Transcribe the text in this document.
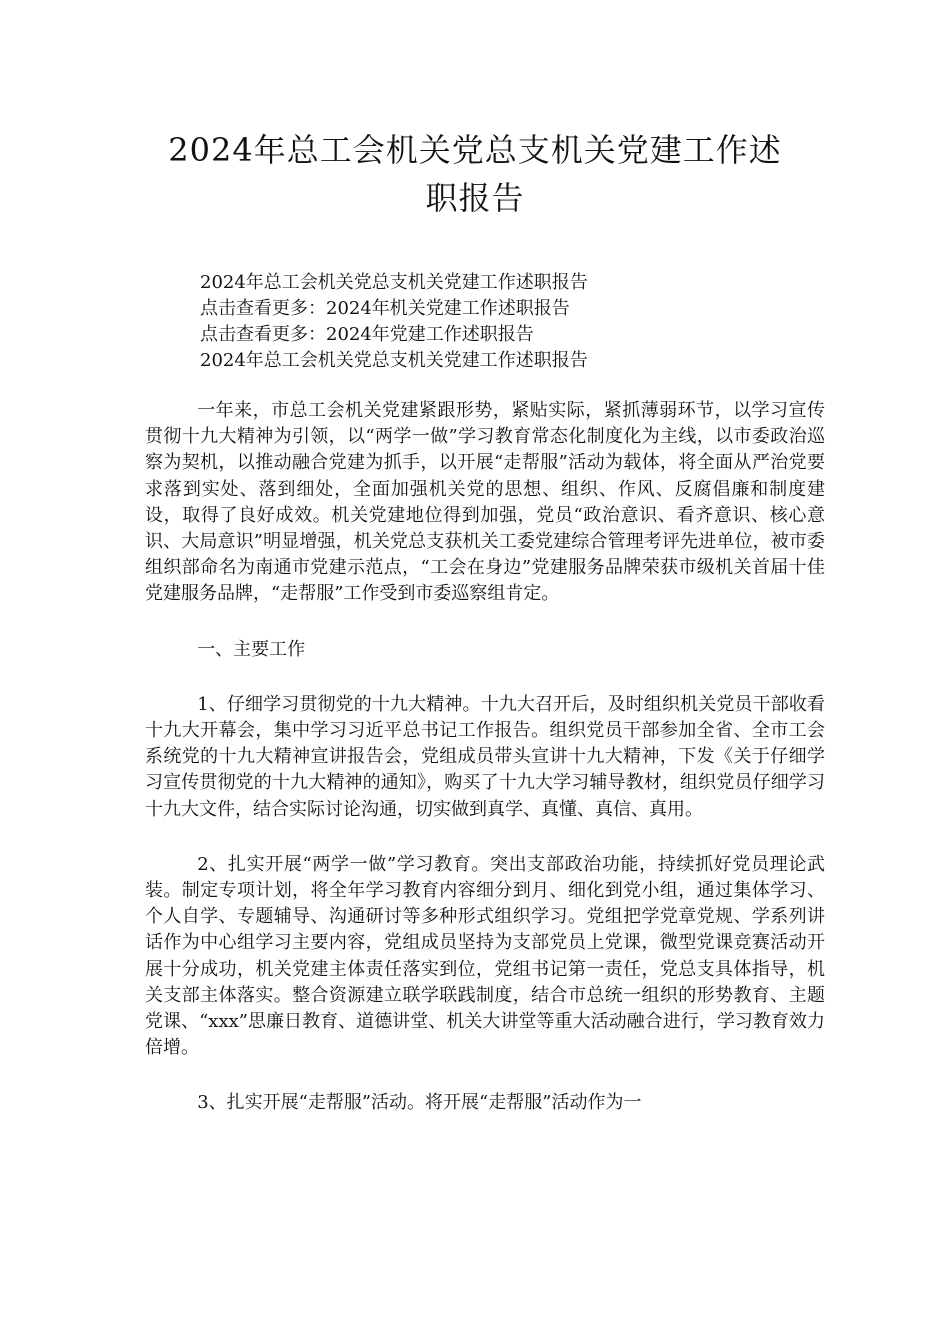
2024年总工会机关党总支机关党建工作述
职报告
2024年总工会机关党总支机关党建工作述职报告
点击查看更多：2024年机关党建工作述职报告
点击查看更多：2024年党建工作述职报告
2024年总工会机关党总支机关党建工作述职报告

一年来，市总工会机关党建紧跟形势，紧贴实际，紧抓薄弱环节，以学习宣传贯彻十九大精神为引领，以“两学一做”学习教育常态化制度化为主线，以市委政治巡察为契机，以推动融合党建为抓手，以开展“走帮服”活动为载体，将全面从严治党要求落到实处、落到细处，全面加强机关党的思想、组织、作风、反腐倡廉和制度建设，取得了良好成效。机关党建地位得到加强，党员“政治意识、看齐意识、核心意识、大局意识”明显增强，机关党总支获机关工委党建综合管理考评先进单位，被市委组织部命名为南通市党建示范点，“工会在身边”党建服务品牌荣获市级机关首届十佳党建服务品牌，“走帮服”工作受到市委巡察组肯定。

一、主要工作

1、仔细学习贯彻党的十九大精神。十九大召开后，及时组织机关党员干部收看十九大开幕会，集中学习习近平总书记工作报告。组织党员干部参加全省、全市工会系统党的十九大精神宣讲报告会，党组成员带头宣讲十九大精神，下发《关于仔细学习宣传贯彻党的十九大精神的通知》，购买了十九大学习辅导教材，组织党员仔细学习十九大文件，结合实际讨论沟通，切实做到真学、真懂、真信、真用。

2、扎实开展“两学一做”学习教育。突出支部政治功能，持续抓好党员理论武装。制定专项计划，将全年学习教育内容细分到月、细化到党小组，通过集体学习、个人自学、专题辅导、沟通研讨等多种形式组织学习。党组把学党章党规、学系列讲话作为中心组学习主要内容，党组成员坚持为支部党员上党课，微型党课竞赛活动开展十分成功，机关党建主体责任落实到位，党组书记第一责任，党总支具体指导，机关支部主体落实。整合资源建立联学联践制度，结合市总统一组织的形势教育、主题党课、“xxx”思廉日教育、道德讲堂、机关大讲堂等重大活动融合进行，学习教育效力倍增。

3、扎实开展“走帮服”活动。将开展“走帮服”活动作为一
